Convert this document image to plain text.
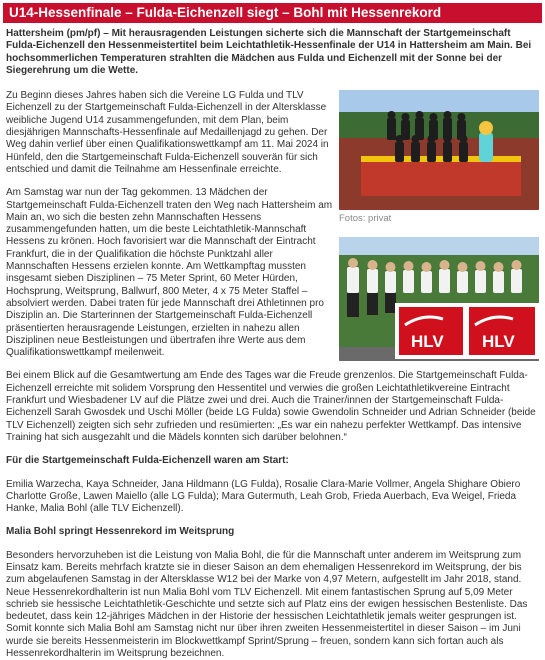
U14-Hessenfinale – Fulda-Eichenzell siegt – Bohl mit Hessenrekord

Hattersheim (pm/pf) – Mit herausragenden Leistungen sicherte sich die Mannschaft der Startgemeinschaft Fulda-Eichenzell den Hessenmeistertitel beim Leichtathletik-Hessenfinale der U14 in Hattersheim am Main. Bei hochsommerlichen Temperaturen strahlten die Mädchen aus Fulda und Eichenzell mit der Sonne bei der Siegerehrung um die Wette.

Zu Beginn dieses Jahres haben sich die Vereine LG Fulda und TLV Eichenzell zu der Startgemeinschaft Fulda-Eichenzell in der Altersklasse weibliche Jugend U14 zusammengefunden, mit dem Plan, beim diesjährigen Mannschafts-Hessenfinale auf Medaillenjagd zu gehen. Der Weg dahin verlief über einen Qualifikationswettkampf am 11. Mai 2024 in Hünfeld, den die Startgemeinschaft Fulda-Eichenzell souverän für sich entschied und damit die Teilnahme am Hessenfinale erreichte.

Am Samstag war nun der Tag gekommen. 13 Mädchen der Startgemeinschaft Fulda-Eichenzell traten den Weg nach Hattersheim am Main an, wo sich die besten zehn Mannschaften Hessens zusammengefunden hatten, um die beste Leichtathletik-Mannschaft Hessens zu krönen. Hoch favorisiert war die Mannschaft der Eintracht Frankfurt, die in der Qualifikation die höchste Punktzahl aller Mannschaften Hessens erzielen konnte. Am Wettkampftag mussten insgesamt sieben Disziplinen – 75 Meter Sprint, 60 Meter Hürden, Hochsprung, Weitsprung, Ballwurf, 800 Meter, 4 x 75 Meter Staffel – absolviert werden. Dabei traten für jede Mannschaft drei Athletinnen pro Disziplin an. Die Starterinnen der Startgemeinschaft Fulda-Eichenzell präsentierten herausragende Leistungen, erzielten in nahezu allen Disziplinen neue Bestleistungen und übertrafen ihre Werte aus dem Qualifikationswettkampf meilenweit.

Fotos: privat
HLV HLV

Bei einem Blick auf die Gesamtwertung am Ende des Tages war die Freude grenzenlos. Die Startgemeinschaft Fulda-Eichenzell erreichte mit solidem Vorsprung den Hessentitel und verwies die großen Leichtathletikvereine Eintracht Frankfurt und Wiesbadener LV auf die Plätze zwei und drei. Auch die Trainer/innen der Startgemeinschaft Fulda-Eichenzell Sarah Gwosdek und Uschi Möller (beide LG Fulda) sowie Gwendolin Schneider und Adrian Schneider (beide TLV Eichenzell) zeigten sich sehr zufrieden und resümierten: „Es war ein nahezu perfekter Wettkampf. Das intensive Training hat sich ausgezahlt und die Mädels konnten sich darüber belohnen.“

Für die Startgemeinschaft Fulda-Eichenzell waren am Start:

Emilia Warzecha, Kaya Schneider, Jana Hildmann (LG Fulda), Rosalie Clara-Marie Vollmer, Angela Shighare Obiero Charlotte Große, Lawen Maiello (alle LG Fulda); Mara Gutermuth, Leah Grob, Frieda Auerbach, Eva Weigel, Frieda Hanke, Malia Bohl (alle TLV Eichenzell).

Malia Bohl springt Hessenrekord im Weitsprung

Besonders hervorzuheben ist die Leistung von Malia Bohl, die für die Mannschaft unter anderem im Weitsprung zum Einsatz kam. Bereits mehrfach kratzte sie in dieser Saison an dem ehemaligen Hessenrekord im Weitsprung, der bis zum abgelaufenen Samstag in der Altersklasse W12 bei der Marke von 4,97 Metern, aufgestellt im Jahr 2018, stand. Neue Hessenrekordhalterin ist nun Malia Bohl vom TLV Eichenzell. Mit einem fantastischen Sprung auf 5,09 Meter schrieb sie hessische Leichtathletik-Geschichte und setzte sich auf Platz eins der ewigen hessischen Bestenliste. Das bedeutet, dass kein 12-jähriges Mädchen in der Historie der hessischen Leichtathletik jemals weiter gesprungen ist. Somit konnte sich Malia Bohl am Samstag nicht nur über ihren zweiten Hessenmeistertitel in dieser Saison – im Juni wurde sie bereits Hessenmeisterin im Blockwettkampf Sprint/Sprung – freuen, sondern kann sich fortan auch als Hessenrekordhalterin im Weitsprung bezeichnen.
